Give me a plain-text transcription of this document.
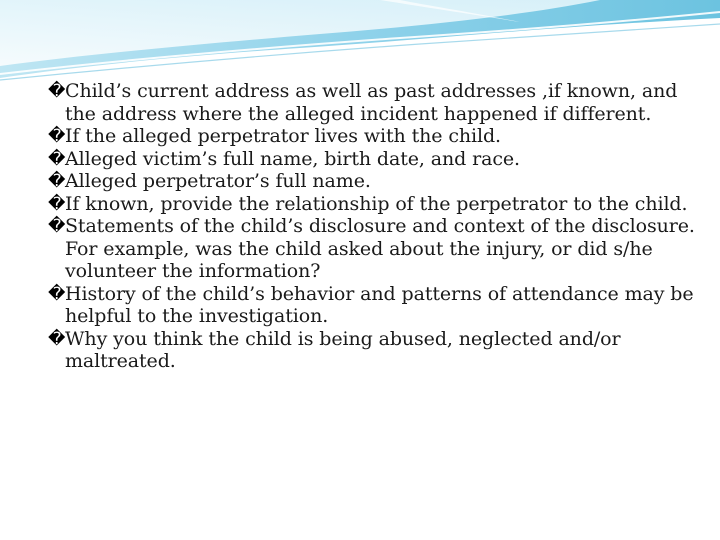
� Child’s current address as well as past addresses ,if known, and the address where the alleged incident happened if different.
� If the alleged perpetrator lives with the child.
� Alleged victim’s full name, birth date, and race.
� Alleged perpetrator’s full name.
� If known, provide the relationship of the perpetrator to the child.
� Statements of the child’s disclosure and context of the disclosure. For example, was the child asked about the injury, or did s/he volunteer the information?
� History of the child’s behavior and patterns of attendance may be helpful to the investigation.
� Why you think the child is being abused, neglected and/or maltreated.
